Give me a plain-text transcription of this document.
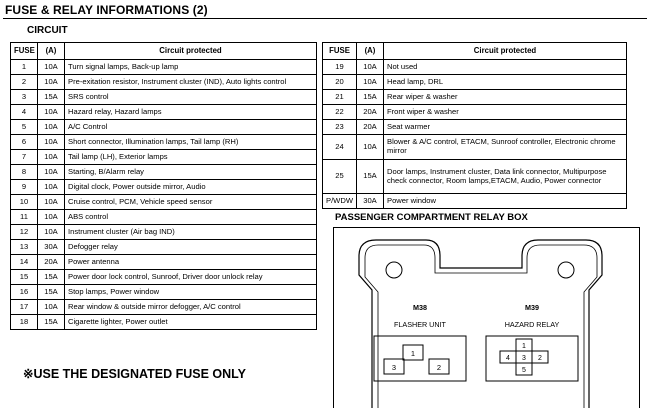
FUSE & RELAY INFORMATIONS (2)
CIRCUIT
FUSE	(A)	Circuit protected
1	10A	Turn signal lamps, Back-up lamp
2	10A	Pre-exitation resistor, Instrument cluster (IND), Auto lights control
3	15A	SRS control
4	10A	Hazard relay, Hazard lamps
5	10A	A/C Control
6	10A	Short connector, Illumination lamps, Tail lamp (RH)
7	10A	Tail lamp (LH), Exterior lamps
8	10A	Starting, B/Alarm relay
9	10A	Digital clock, Power outside mirror, Audio
10	10A	Cruise control, PCM, Vehicle speed sensor
11	10A	ABS control
12	10A	Instrument cluster (Air bag IND)
13	30A	Defogger relay
14	20A	Power antenna
15	15A	Power door lock control, Sunroof, Driver door unlock relay
16	15A	Stop lamps, Power window
17	10A	Rear window & outside mirror defogger, A/C control
18	15A	Cigarette lighter, Power outlet
FUSE	(A)	Circuit protected
19	10A	Not used
20	10A	Head lamp, DRL
21	15A	Rear wiper & washer
22	20A	Front wiper & washer
23	20A	Seat warmer
24	10A	Blower & A/C control, ETACM, Sunroof controller, Electronic chrome mirror
25	15A	Door lamps, Instrument cluster, Data link connector, Multipurpose check connector, Room lamps,ETACM, Audio, Power connector
P/WDW	30A	Power window
※USE THE DESIGNATED FUSE ONLY
PASSENGER COMPARTMENT RELAY BOX
1
3	2
1
4 3 2
5
M38
FLASHER UNIT
M39
HAZARD RELAY
